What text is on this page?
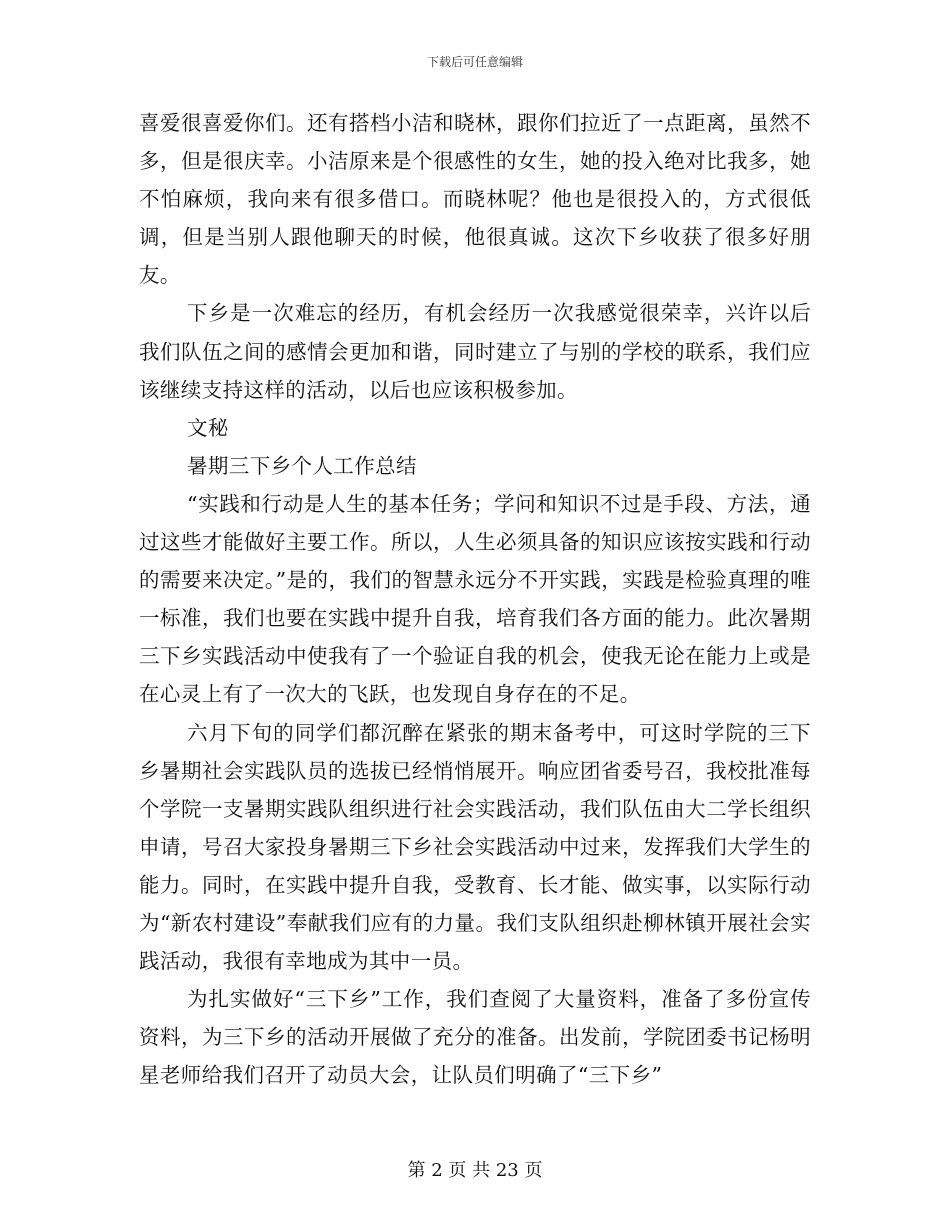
下载后可任意编辑

喜爱很喜爱你们。还有搭档小洁和晓林，跟你们拉近了一点距离，虽然不多，但是很庆幸。小洁原来是个很感性的女生，她的投入绝对比我多，她不怕麻烦，我向来有很多借口。而晓林呢？他也是很投入的，方式很低调，但是当别人跟他聊天的时候，他很真诚。这次下乡收获了很多好朋友。

下乡是一次难忘的经历，有机会经历一次我感觉很荣幸，兴许以后我们队伍之间的感情会更加和谐，同时建立了与别的学校的联系，我们应该继续支持这样的活动，以后也应该积极参加。

文秘

暑期三下乡个人工作总结

“实践和行动是人生的基本任务；学问和知识不过是手段、方法，通过这些才能做好主要工作。所以，人生必须具备的知识应该按实践和行动的需要来决定。”是的，我们的智慧永远分不开实践，实践是检验真理的唯一标准，我们也要在实践中提升自我，培育我们各方面的能力。此次暑期三下乡实践活动中使我有了一个验证自我的机会，使我无论在能力上或是在心灵上有了一次大的飞跃，也发现自身存在的不足。

六月下旬的同学们都沉醉在紧张的期末备考中，可这时学院的三下乡暑期社会实践队员的选拔已经悄悄展开。响应团省委号召，我校批准每个学院一支暑期实践队组织进行社会实践活动，我们队伍由大二学长组织申请，号召大家投身暑期三下乡社会实践活动中过来，发挥我们大学生的能力。同时，在实践中提升自我，受教育、长才能、做实事，以实际行动为“新农村建设”奉献我们应有的力量。我们支队组织赴柳林镇开展社会实践活动，我很有幸地成为其中一员。

为扎实做好“三下乡”工作，我们查阅了大量资料，准备了多份宣传资料，为三下乡的活动开展做了充分的准备。出发前，学院团委书记杨明星老师给我们召开了动员大会，让队员们明确了“三下乡”

第 2 页 共 23 页
